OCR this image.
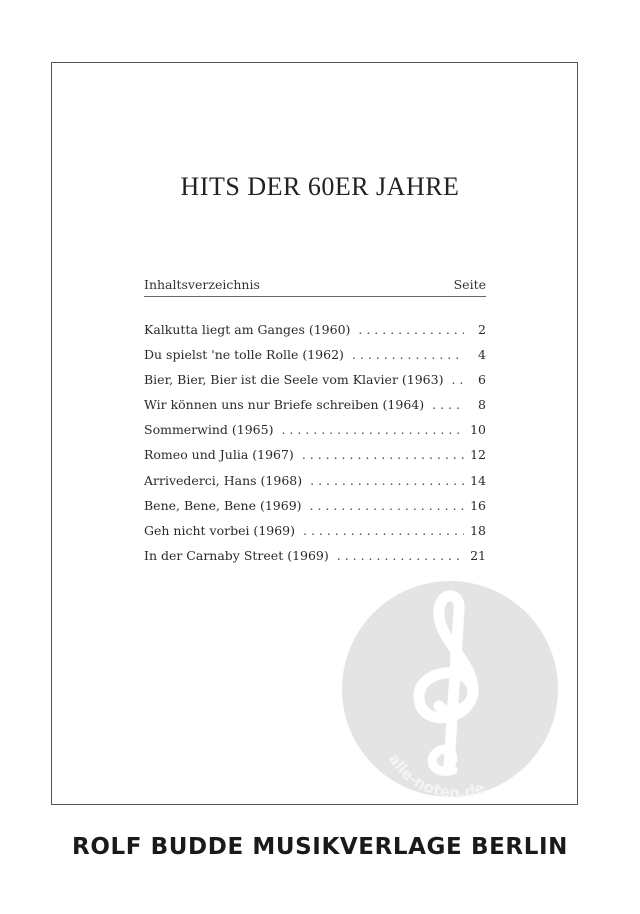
HITS DER 60ER JAHRE
Inhaltsverzeichnis	Seite
Kalkutta liegt am Ganges (1960) . . .	2
Du spielst 'ne tolle Rolle (1962) . . .	4
Bier, Bier, Bier ist die Seele vom Klavier (1963) . . .	6
Wir können uns nur Briefe schreiben (1964) . . .	8
Sommerwind (1965) . . .	10
Romeo und Julia (1967) . . .	12
Arrivederci, Hans (1968) . . .	14
Bene, Bene, Bene (1969) . . .	16
Geh nicht vorbei (1969) . . .	18
In der Carnaby Street (1969) . . .	21
alle-noten.de
ROLF BUDDE MUSIKVERLAGE BERLIN
